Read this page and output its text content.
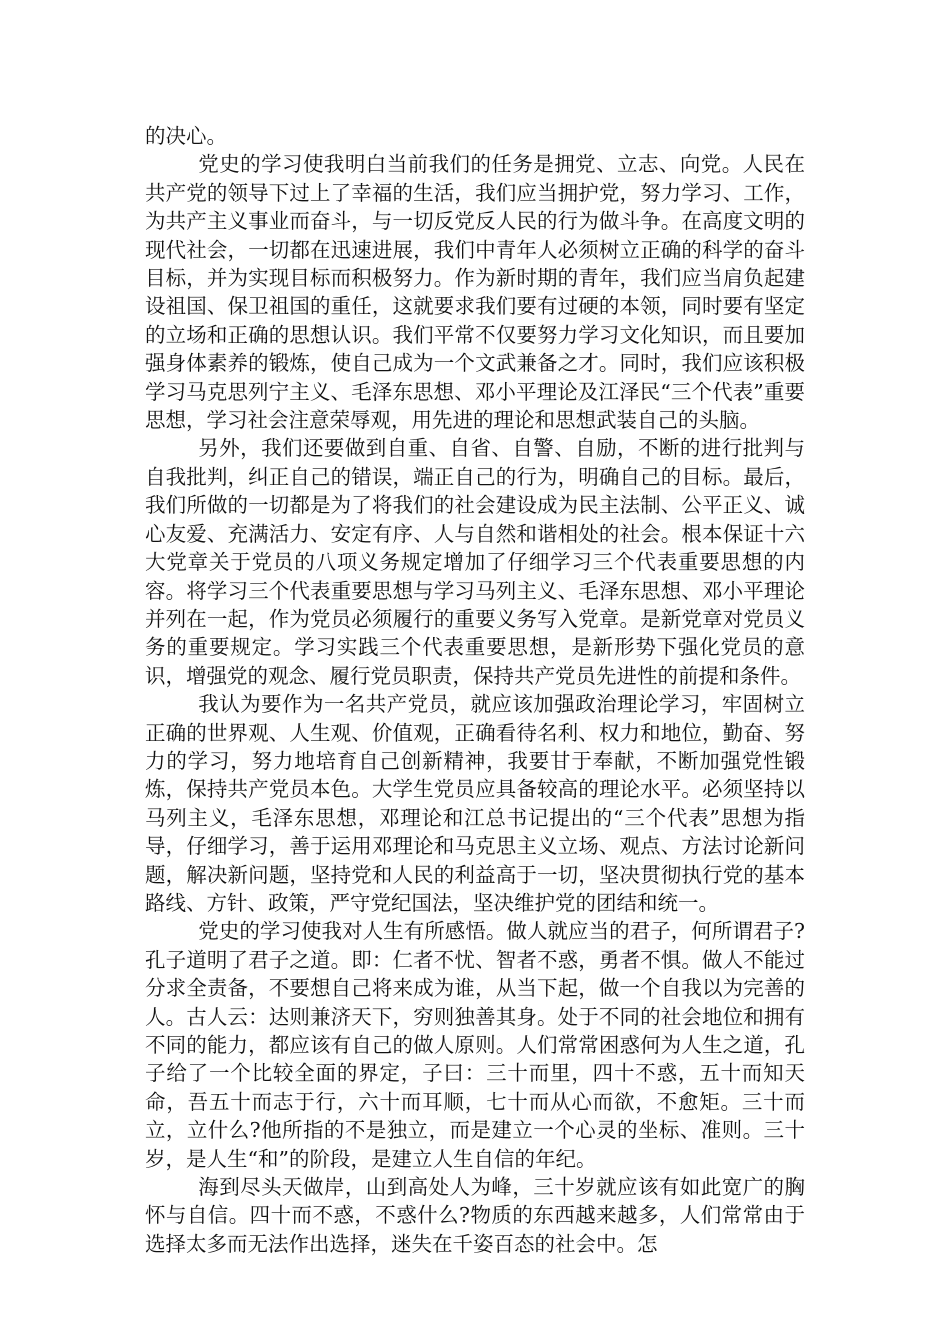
的决心。

党史的学习使我明白当前我们的任务是拥党、立志、向党。人民在共产党的领导下过上了幸福的生活，我们应当拥护党，努力学习、工作，为共产主义事业而奋斗，与一切反党反人民的行为做斗争。在高度文明的现代社会，一切都在迅速进展，我们中青年人必须树立正确的科学的奋斗目标，并为实现目标而积极努力。作为新时期的青年，我们应当肩负起建设祖国、保卫祖国的重任，这就要求我们要有过硬的本领，同时要有坚定的立场和正确的思想认识。我们平常不仅要努力学习文化知识，而且要加强身体素养的锻炼，使自己成为一个文武兼备之才。同时，我们应该积极学习马克思列宁主义、毛泽东思想、邓小平理论及江泽民“三个代表”重要思想，学习社会注意荣辱观，用先进的理论和思想武装自己的头脑。

另外，我们还要做到自重、自省、自警、自励，不断的进行批判与自我批判，纠正自己的错误，端正自己的行为，明确自己的目标。最后，我们所做的一切都是为了将我们的社会建设成为民主法制、公平正义、诚心友爱、充满活力、安定有序、人与自然和谐相处的社会。根本保证十六大党章关于党员的八项义务规定增加了仔细学习三个代表重要思想的内容。将学习三个代表重要思想与学习马列主义、毛泽东思想、邓小平理论并列在一起，作为党员必须履行的重要义务写入党章。是新党章对党员义务的重要规定。学习实践三个代表重要思想，是新形势下强化党员的意识，增强党的观念、履行党员职责，保持共产党员先进性的前提和条件。

我认为要作为一名共产党员，就应该加强政治理论学习，牢固树立正确的世界观、人生观、价值观，正确看待名利、权力和地位，勤奋、努力的学习，努力地培育自己创新精神，我要甘于奉献，不断加强党性锻炼，保持共产党员本色。大学生党员应具备较高的理论水平。必须坚持以马列主义，毛泽东思想，邓理论和江总书记提出的“三个代表”思想为指导，仔细学习，善于运用邓理论和马克思主义立场、观点、方法讨论新问题，解决新问题，坚持党和人民的利益高于一切，坚决贯彻执行党的基本路线、方针、政策，严守党纪国法，坚决维护党的团结和统一。

党史的学习使我对人生有所感悟。做人就应当的君子，何所谓君子?孔子道明了君子之道。即：仁者不忧、智者不惑，勇者不惧。做人不能过分求全责备，不要想自己将来成为谁，从当下起，做一个自我以为完善的人。古人云：达则兼济天下，穷则独善其身。处于不同的社会地位和拥有不同的能力，都应该有自己的做人原则。人们常常困惑何为人生之道，孔子给了一个比较全面的界定，子曰：三十而里，四十不惑，五十而知天命，吾五十而志于行，六十而耳顺，七十而从心而欲，不愈矩。三十而立，立什么?他所指的不是独立，而是建立一个心灵的坐标、准则。三十岁，是人生“和”的阶段，是建立人生自信的年纪。

海到尽头天做岸，山到高处人为峰，三十岁就应该有如此宽广的胸怀与自信。四十而不惑，不惑什么?物质的东西越来越多，人们常常由于选择太多而无法作出选择，迷失在千姿百态的社会中。怎
